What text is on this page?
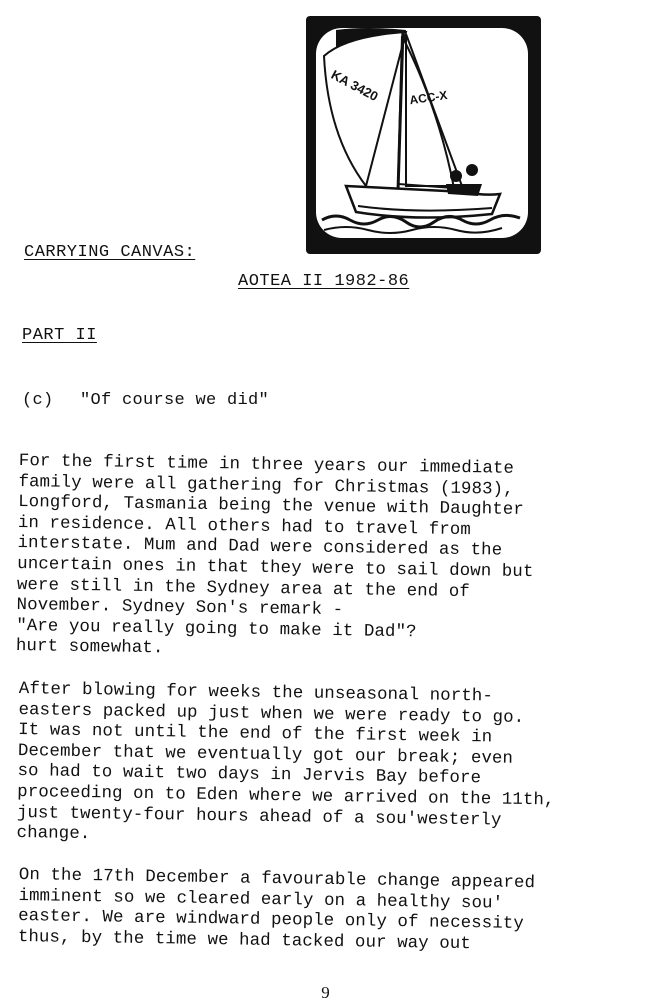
KA 3420 ACC-X
CARRYING CANVAS:
AOTEA II 1982-86
PART II
(c) "Of course we did"
For the first time in three years our immediate
family were all gathering for Christmas (1983),
Longford, Tasmania being the venue with Daughter
in residence. All others had to travel from
interstate. Mum and Dad were considered as the
uncertain ones in that they were to sail down but
were still in the Sydney area at the end of
November. Sydney Son's remark -
"Are you really going to make it Dad"?
hurt somewhat.
After blowing for weeks the unseasonal north-
easters packed up just when we were ready to go.
It was not until the end of the first week in
December that we eventually got our break; even
so had to wait two days in Jervis Bay before
proceeding on to Eden where we arrived on the 11th,
just twenty-four hours ahead of a sou'westerly
change.
On the 17th December a favourable change appeared
imminent so we cleared early on a healthy sou'
easter. We are windward people only of necessity
thus, by the time we had tacked our way out
9
